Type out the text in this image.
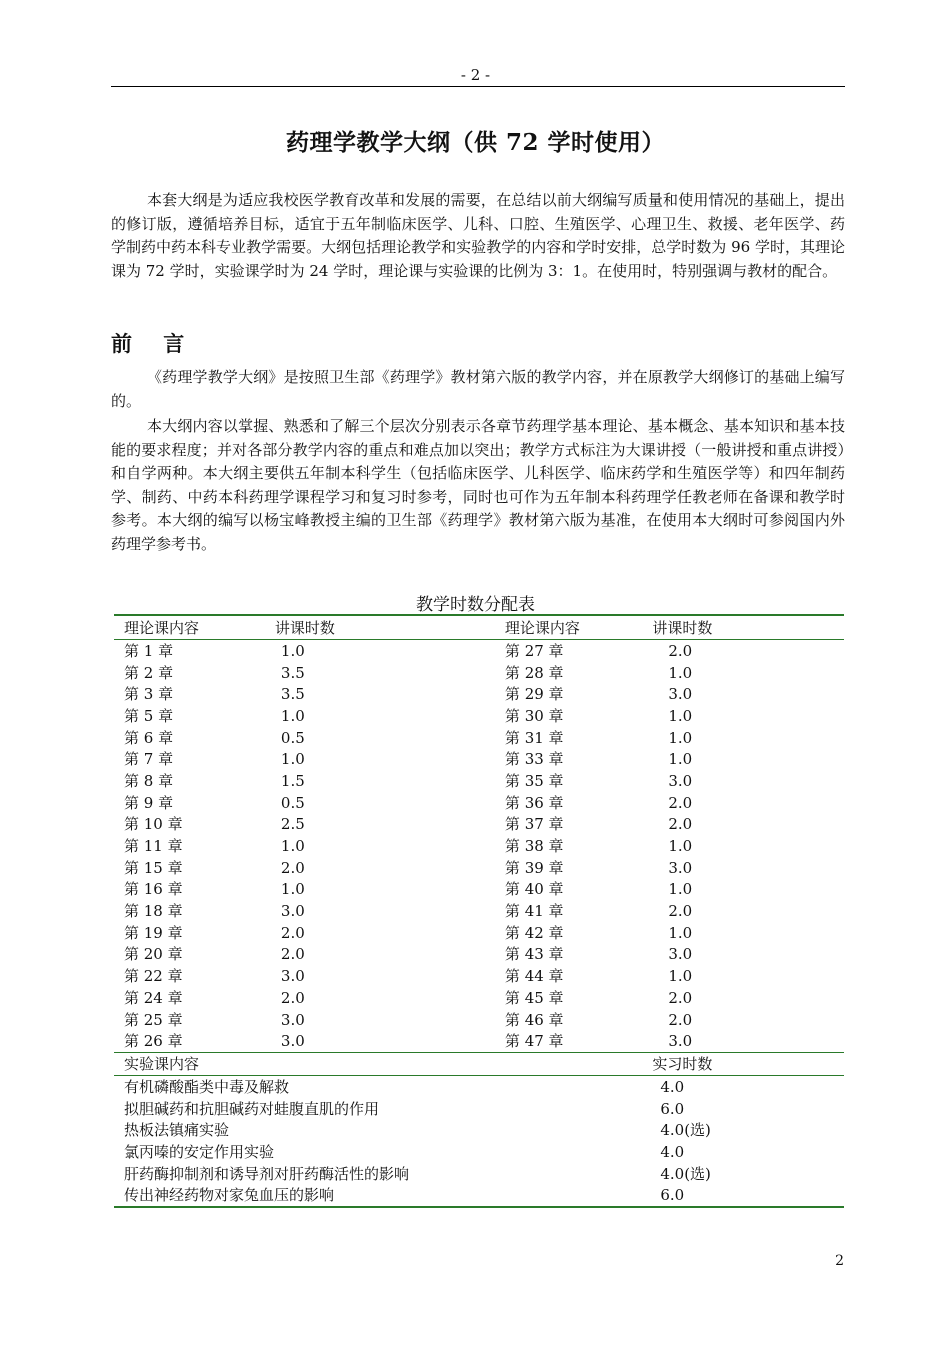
- 2 -
药理学教学大纲（供 72 学时使用）

本套大纲是为适应我校医学教育改革和发展的需要，在总结以前大纲编写质量和使用情况的基础上，提出的修订版，遵循培养目标，适宜于五年制临床医学、儿科、口腔、生殖医学、心理卫生、救援、老年医学、药学制药中药本科专业教学需要。大纲包括理论教学和实验教学的内容和学时安排，总学时数为 96 学时，其理论课为 72 学时，实验课学时为 24 学时，理论课与实验课的比例为 3：1。在使用时，特别强调与教材的配合。

前 言

《药理学教学大纲》是按照卫生部《药理学》教材第六版的教学内容，并在原教学大纲修订的基础上编写的。

本大纲内容以掌握、熟悉和了解三个层次分别表示各章节药理学基本理论、基本概念、基本知识和基本技能的要求程度；并对各部分教学内容的重点和难点加以突出；教学方式标注为大课讲授（一般讲授和重点讲授）和自学两种。本大纲主要供五年制本科学生（包括临床医学、儿科医学、临床药学和生殖医学等）和四年制药学、制药、中药本科药理学课程学习和复习时参考，同时也可作为五年制本科药理学任教老师在备课和教学时参考。本大纲的编写以杨宝峰教授主编的卫生部《药理学》教材第六版为基准，在使用本大纲时可参阅国内外药理学参考书。

教学时数分配表
理论课内容	讲课时数	理论课内容	讲课时数
第 1 章	1.0	第 27 章	2.0
第 2 章	3.5	第 28 章	1.0
第 3 章	3.5	第 29 章	3.0
第 5 章	1.0	第 30 章	1.0
第 6 章	0.5	第 31 章	1.0
第 7 章	1.0	第 33 章	1.0
第 8 章	1.5	第 35 章	3.0
第 9 章	0.5	第 36 章	2.0
第 10 章	2.5	第 37 章	2.0
第 11 章	1.0	第 38 章	1.0
第 15 章	2.0	第 39 章	3.0
第 16 章	1.0	第 40 章	1.0
第 18 章	3.0	第 41 章	2.0
第 19 章	2.0	第 42 章	1.0
第 20 章	2.0	第 43 章	3.0
第 22 章	3.0	第 44 章	1.0
第 24 章	2.0	第 45 章	2.0
第 25 章	3.0	第 46 章	2.0
第 26 章	3.0	第 47 章	3.0
实验课内容			实习时数
有机磷酸酯类中毒及解救			4.0
拟胆碱药和抗胆碱药对蛙腹直肌的作用			6.0
热板法镇痛实验			4.0(选)
氯丙嗪的安定作用实验			4.0
肝药酶抑制剂和诱导剂对肝药酶活性的影响			4.0(选)
传出神经药物对家兔血压的影响			6.0
2
